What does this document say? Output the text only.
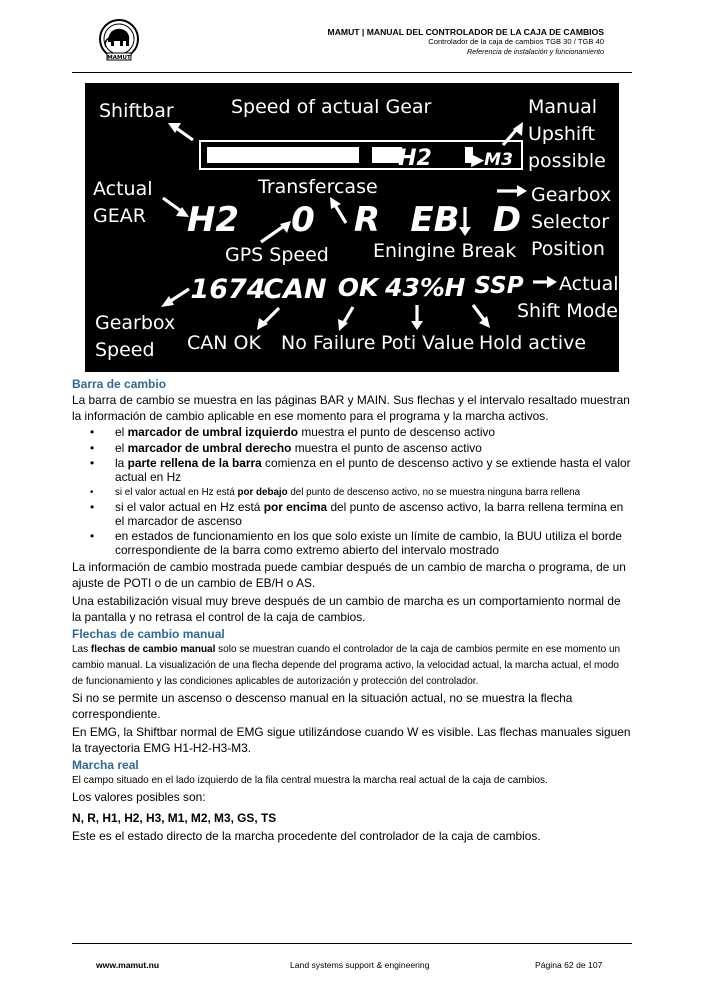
MAMUT
MAMUT | MANUAL DEL CONTROLADOR DE LA CAJA DE CAMBIOS
Controlador de la caja de cambios TGB 30 / TGB 40
Referencia de instalación y funcionamiento
H2 ▶M3
H2 0 R EB D
1674
CAN OK 43% H SSP
Shiftbar	Speed of actual Gear	Manual
Upshift
possible
Actual
GEAR
Transfercase	Gearbox
Selector
Position
GPS Speed Eningine Break
Actual
Shift Mode
Gearbox
Speed CAN OK No Failure Poti Value Hold active
Barra de cambio

La barra de cambio se muestra en las páginas BAR y MAIN. Sus flechas y el intervalo resaltado muestran la información de cambio aplicable en ese momento para el programa y la marcha activos.

• el marcador de umbral izquierdo muestra el punto de descenso activo
• el marcador de umbral derecho muestra el punto de ascenso activo
• la parte rellena de la barra comienza en el punto de descenso activo y se extiende hasta el valor actual en Hz
• si el valor actual en Hz está por debajo del punto de descenso activo, no se muestra ninguna barra rellena
• si el valor actual en Hz está por encima del punto de ascenso activo, la barra rellena termina en el marcador de ascenso
• en estados de funcionamiento en los que solo existe un límite de cambio, la BUU utiliza el borde correspondiente de la barra como extremo abierto del intervalo mostrado

La información de cambio mostrada puede cambiar después de un cambio de marcha o programa, de un ajuste de POTI o de un cambio de EB/H o AS.

Una estabilización visual muy breve después de un cambio de marcha es un comportamiento normal de la pantalla y no retrasa el control de la caja de cambios.

Flechas de cambio manual

Las flechas de cambio manual solo se muestran cuando el controlador de la caja de cambios permite en ese momento un cambio manual. La visualización de una flecha depende del programa activo, la velocidad actual, la marcha actual, el modo de funcionamiento y las condiciones aplicables de autorización y protección del controlador.

Si no se permite un ascenso o descenso manual en la situación actual, no se muestra la flecha correspondiente.

En EMG, la Shiftbar normal de EMG sigue utilizándose cuando W es visible. Las flechas manuales siguen la trayectoria EMG H1-H2-H3-M3.

Marcha real

El campo situado en el lado izquierdo de la fila central muestra la marcha real actual de la caja de cambios.

Los valores posibles son:

N, R, H1, H2, H3, M1, M2, M3, GS, TS

Este es el estado directo de la marcha procedente del controlador de la caja de cambios.

www.mamut.nu	Land systems support & engineering	Página 62 de 107
